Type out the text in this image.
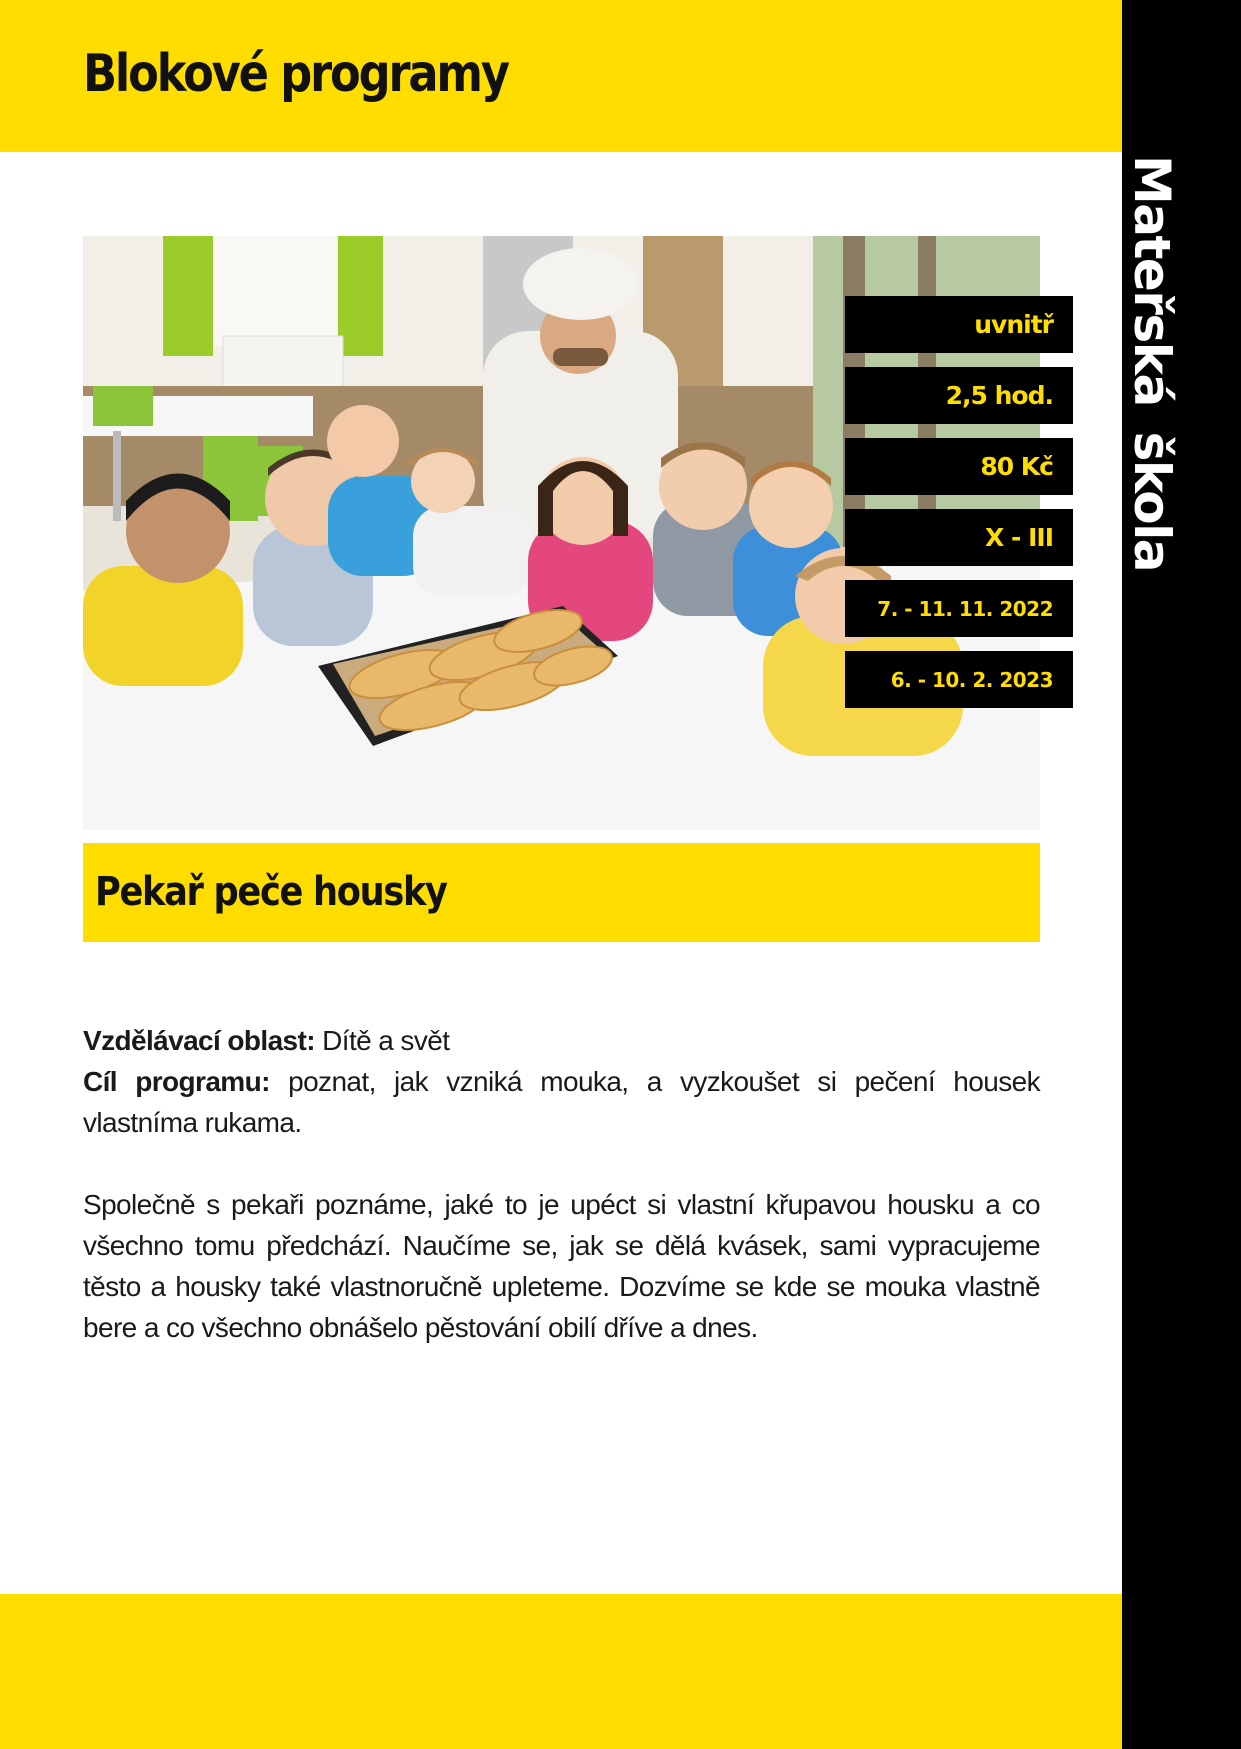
Blokové programy
Mateřská škola
uvnitř
2,5 hod.
80 Kč
X - III
7. - 11. 11. 2022
6. - 10. 2. 2023
Pekař peče housky

Vzdělávací oblast: Dítě a svět

Cíl programu: poznat, jak vzniká mouka, a vyzkoušet si pečení housek vlastníma rukama.

Společně s pekaři poznáme, jaké to je upéct si vlastní křupavou housku a co všechno tomu předchází. Naučíme se, jak se dělá kvásek, sami vypracujeme těsto a housky také vlastnoručně upleteme. Dozvíme se kde se mouka vlastně bere a co všechno obnášelo pěstování obilí dříve a dnes.
